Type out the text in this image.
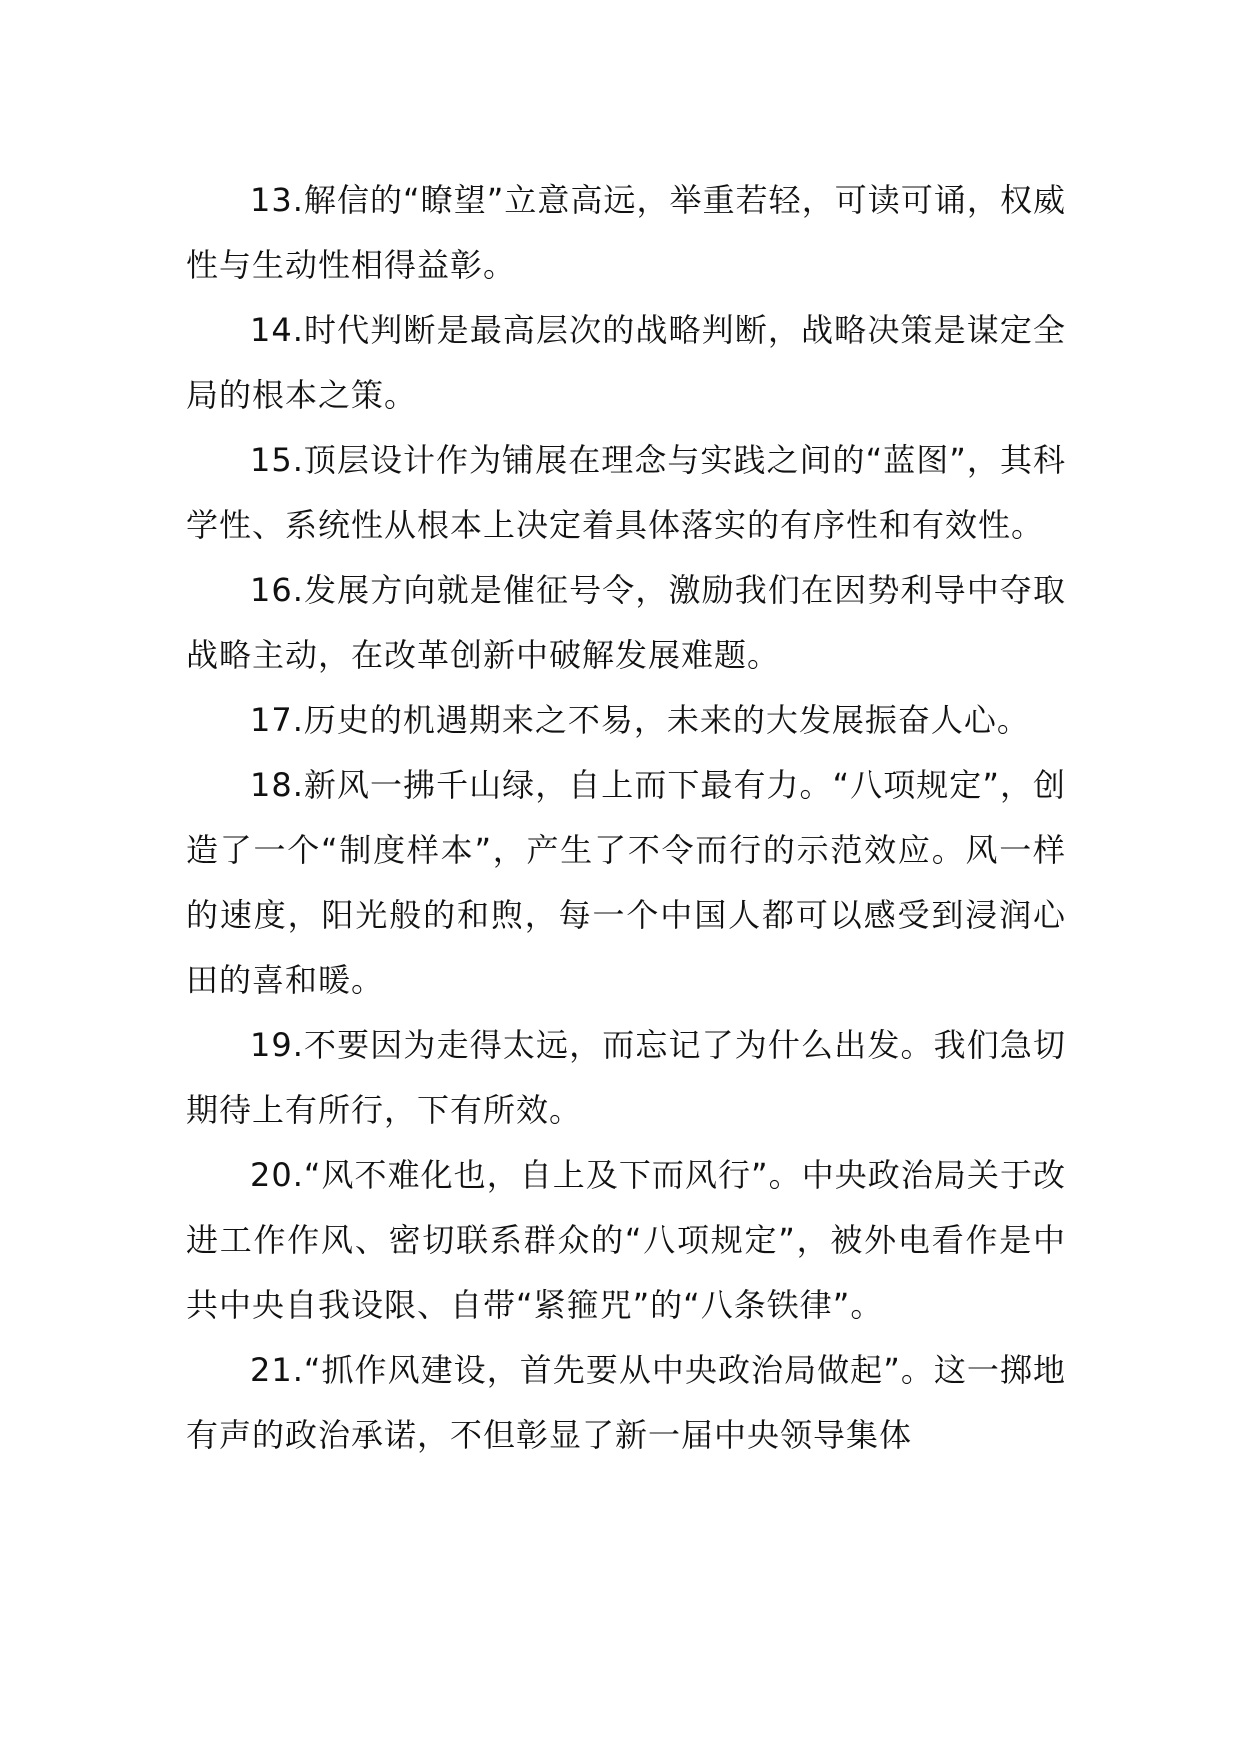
13.解信的“瞭望”立意高远，举重若轻，可读可诵，权威性与生动性相得益彰。

14.时代判断是最高层次的战略判断，战略决策是谋定全局的根本之策。

15.顶层设计作为铺展在理念与实践之间的“蓝图”，其科学性、系统性从根本上决定着具体落实的有序性和有效性。

16.发展方向就是催征号令，激励我们在因势利导中夺取战略主动，在改革创新中破解发展难题。

17.历史的机遇期来之不易，未来的大发展振奋人心。

18.新风一拂千山绿，自上而下最有力。“八项规定”，创造了一个“制度样本”，产生了不令而行的示范效应。风一样的速度，阳光般的和煦，每一个中国人都可以感受到浸润心田的喜和暖。

19.不要因为走得太远，而忘记了为什么出发。我们急切期待上有所行，下有所效。

20.“风不难化也，自上及下而风行”。中央政治局关于改进工作作风、密切联系群众的“八项规定”，被外电看作是中共中央自我设限、自带“紧箍咒”的“八条铁律”。

21.“抓作风建设，首先要从中央政治局做起”。这一掷地有声的政治承诺，不但彰显了新一届中央领导集体
